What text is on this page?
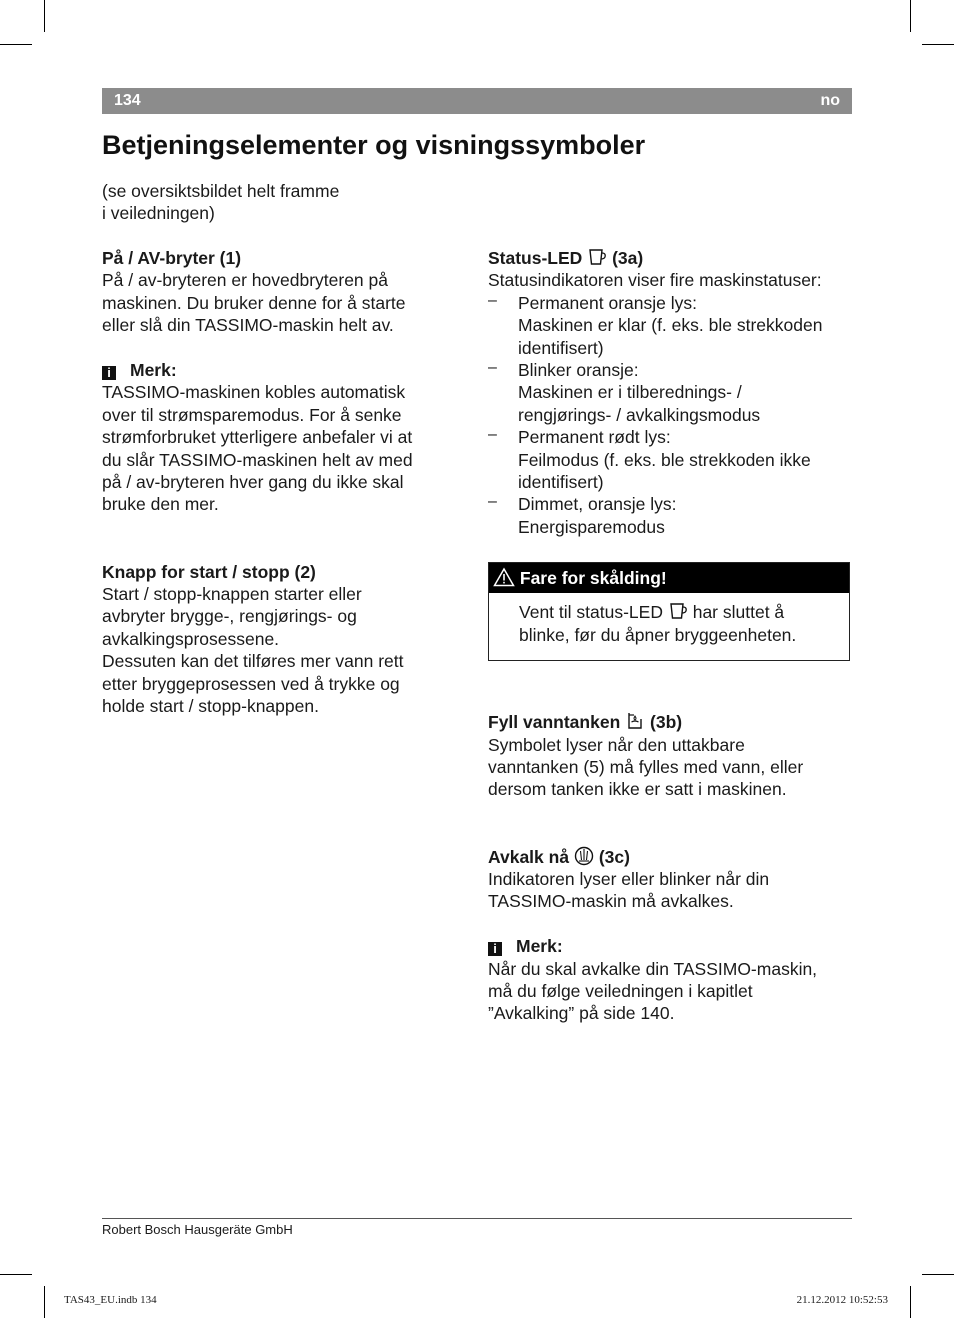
134	no
Betjeningselementer og visningssymboler

(se oversiktsbildet helt framme

i veiledningen)

På / AV-bryter (1)

På / av-bryteren er hovedbryteren på

maskinen. Du bruker denne for å starte

eller slå din TASSIMO-maskin helt av.

i Merk:

TASSIMO-maskinen kobles automatisk

over til strømsparemodus. For å senke

strømforbruket ytterligere anbefaler vi at

du slår TASSIMO-maskinen helt av med

på / av-bryteren hver gang du ikke skal

bruke den mer.

Knapp for start / stopp (2)

Start / stopp-knappen starter eller

avbryter brygge-, rengjørings- og

avkalkingsprosessene.

Dessuten kan det tilføres mer vann rett

etter bryggeprosessen ved å trykke og

holde start / stopp-knappen.

Status-LED (3a)

Statusindikatoren viser fire maskinstatuser:

– Permanent oransje lys:

Maskinen er klar (f. eks. ble strekkoden

identifisert)

– Blinker oransje:

Maskinen er i tilberednings- /

rengjørings- / avkalkingsmodus

– Permanent rødt lys:

Feilmodus (f. eks. ble strekkoden ikke

identifisert)

– Dimmet, oransje lys:

Energisparemodus

Fare for skålding!

Vent til status-LED har sluttet å

blinke, før du åpner bryggeenheten.

Fyll vanntanken (3b)

Symbolet lyser når den uttakbare

vanntanken (5) må fylles med vann, eller

dersom tanken ikke er satt i maskinen.

Avkalk nå (3c)

Indikatoren lyser eller blinker når din

TASSIMO-maskin må avkalkes.

i Merk:

Når du skal avkalke din TASSIMO-maskin,

må du følge veiledningen i kapitlet

”Avkalking” på side 140.

Robert Bosch Hausgeräte GmbH
TAS43_EU.indb 134	21.12.2012 10:52:53
